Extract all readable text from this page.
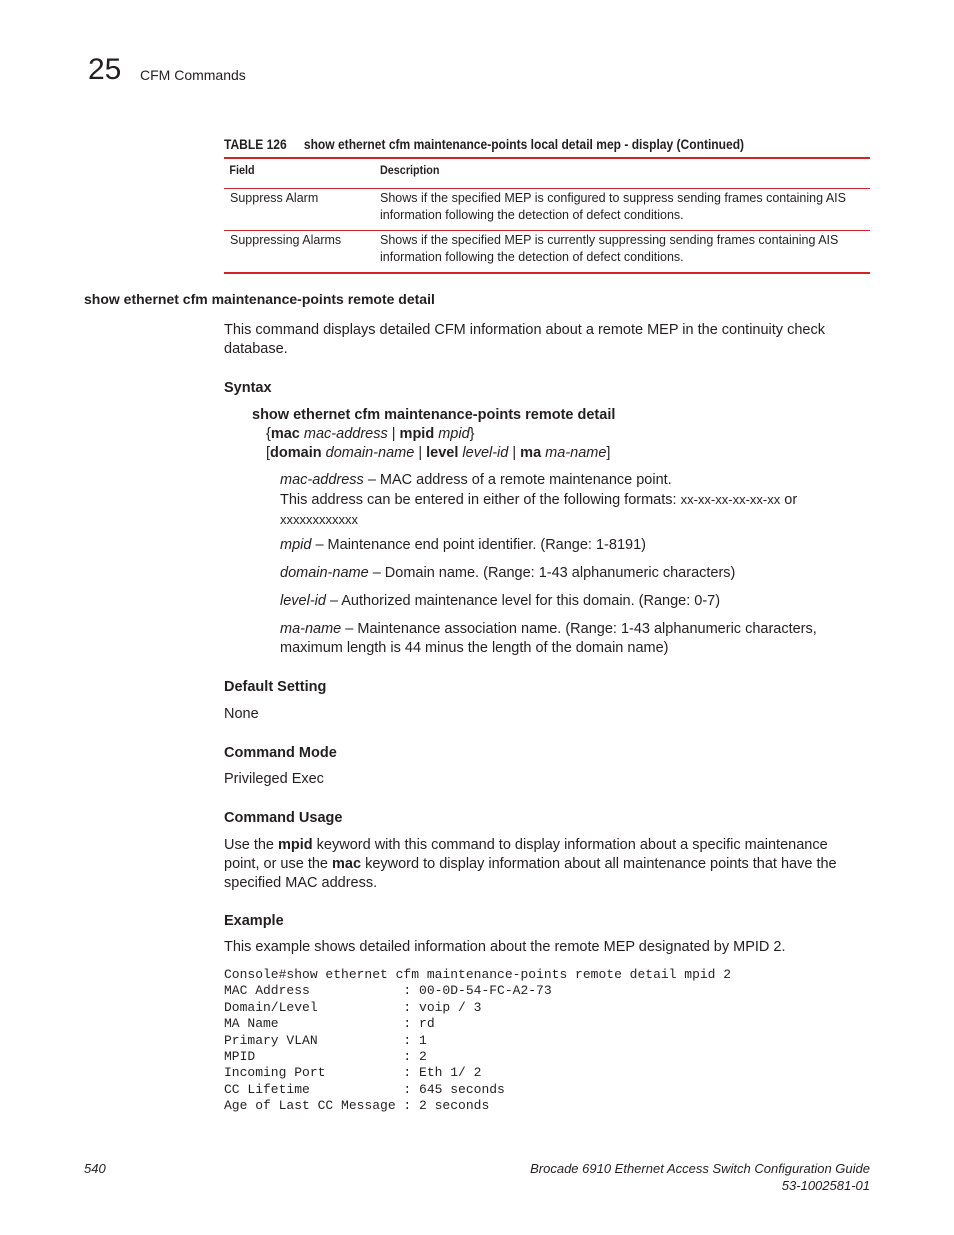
25 CFM Commands
TABLE 126 show ethernet cfm maintenance-points local detail mep - display (Continued)
Field	Description
Suppress Alarm	Shows if the specified MEP is configured to suppress sending frames containing AIS information following the detection of defect conditions.
Suppressing Alarms	Shows if the specified MEP is currently suppressing sending frames containing AIS information following the detection of defect conditions.
show ethernet cfm maintenance-points remote detail
This command displays detailed CFM information about a remote MEP in the continuity check database.
Syntax
show ethernet cfm maintenance-points remote detail
{mac mac-address | mpid mpid}
[domain domain-name | level level-id | ma ma-name]
mac-address – MAC address of a remote maintenance point.
This address can be entered in either of the following formats: xx-xx-xx-xx-xx-xx or
xxxxxxxxxxxx
mpid – Maintenance end point identifier. (Range: 1-8191)
domain-name – Domain name. (Range: 1-43 alphanumeric characters)
level-id – Authorized maintenance level for this domain. (Range: 0-7)
ma-name – Maintenance association name. (Range: 1-43 alphanumeric characters, maximum length is 44 minus the length of the domain name)
Default Setting
None
Command Mode
Privileged Exec
Command Usage
Use the mpid keyword with this command to display information about a specific maintenance point, or use the mac keyword to display information about all maintenance points that have the specified MAC address.
Example
This example shows detailed information about the remote MEP designated by MPID 2.
Console#show ethernet cfm maintenance-points remote detail mpid 2
MAC Address            : 00-0D-54-FC-A2-73
Domain/Level           : voip / 3
MA Name                : rd
Primary VLAN           : 1
MPID                   : 2
Incoming Port          : Eth 1/ 2
CC Lifetime            : 645 seconds
Age of Last CC Message : 2 seconds
540	Brocade 6910 Ethernet Access Switch Configuration Guide
53-1002581-01
